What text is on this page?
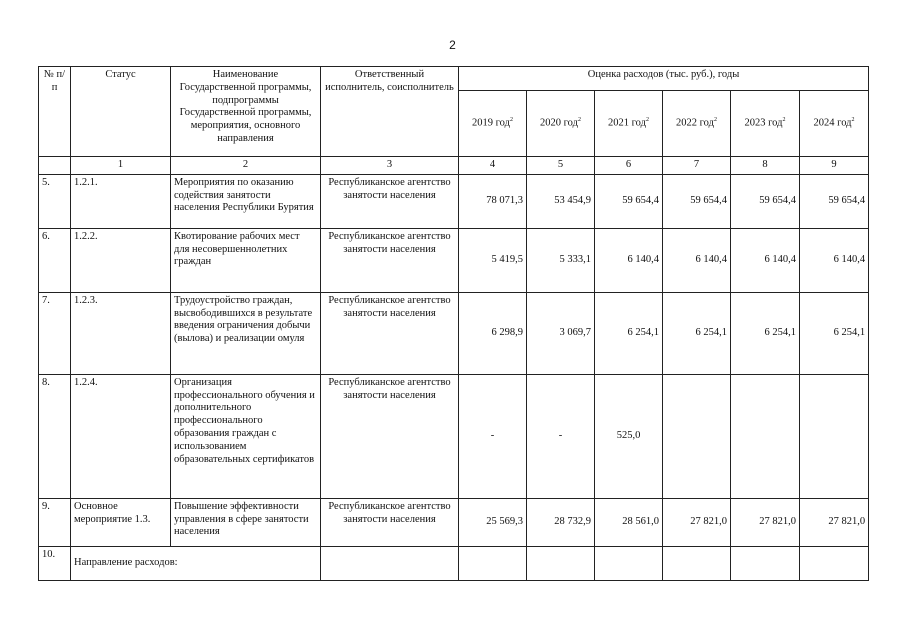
2
№ п/п	Статус	Наименование Государственной программы, подпрограммы Государственной программы, мероприятия, основного направления	Ответственный исполнитель, соисполнитель	Оценка расходов (тыс. руб.), годы					
				2019 год$^2$	2020 год$^2$	2021 год$^2$	2022 год$^2$	2023 год$^2$	2024 год$^2$
	1	2	3	4	5	6	7	8	9
5.	1.2.1.	Мероприятия по оказанию содействия занятости населения Республики Бурятия	Республиканское агентство занятости населения	78 071,3	53 454,9	59 654,4	59 654,4	59 654,4	59 654,4
6.	1.2.2.	Квотирование рабочих мест для несовершеннолетних граждан	Республиканское агентство занятости населения	5 419,5	5 333,1	6 140,4	6 140,4	6 140,4	6 140,4
7.	1.2.3.	Трудоустройство граждан, высвободившихся в результате введения ограничения добычи (вылова) и реализации омуля	Республиканское агентство занятости населения	6 298,9	3 069,7	6 254,1	6 254,1	6 254,1	6 254,1
8.	1.2.4.	Организация профессионального обучения и дополнительного профессионального образования граждан с использованием образовательных сертификатов	Республиканское агентство занятости населения	-	-	525,0			
9.	Основное мероприятие 1.3.	Повышение эффективности управления в сфере занятости населения	Республиканское агентство занятости населения	25 569,3	28 732,9	28 561,0	27 821,0	27 821,0	27 821,0
10.	Направление расходов:								
